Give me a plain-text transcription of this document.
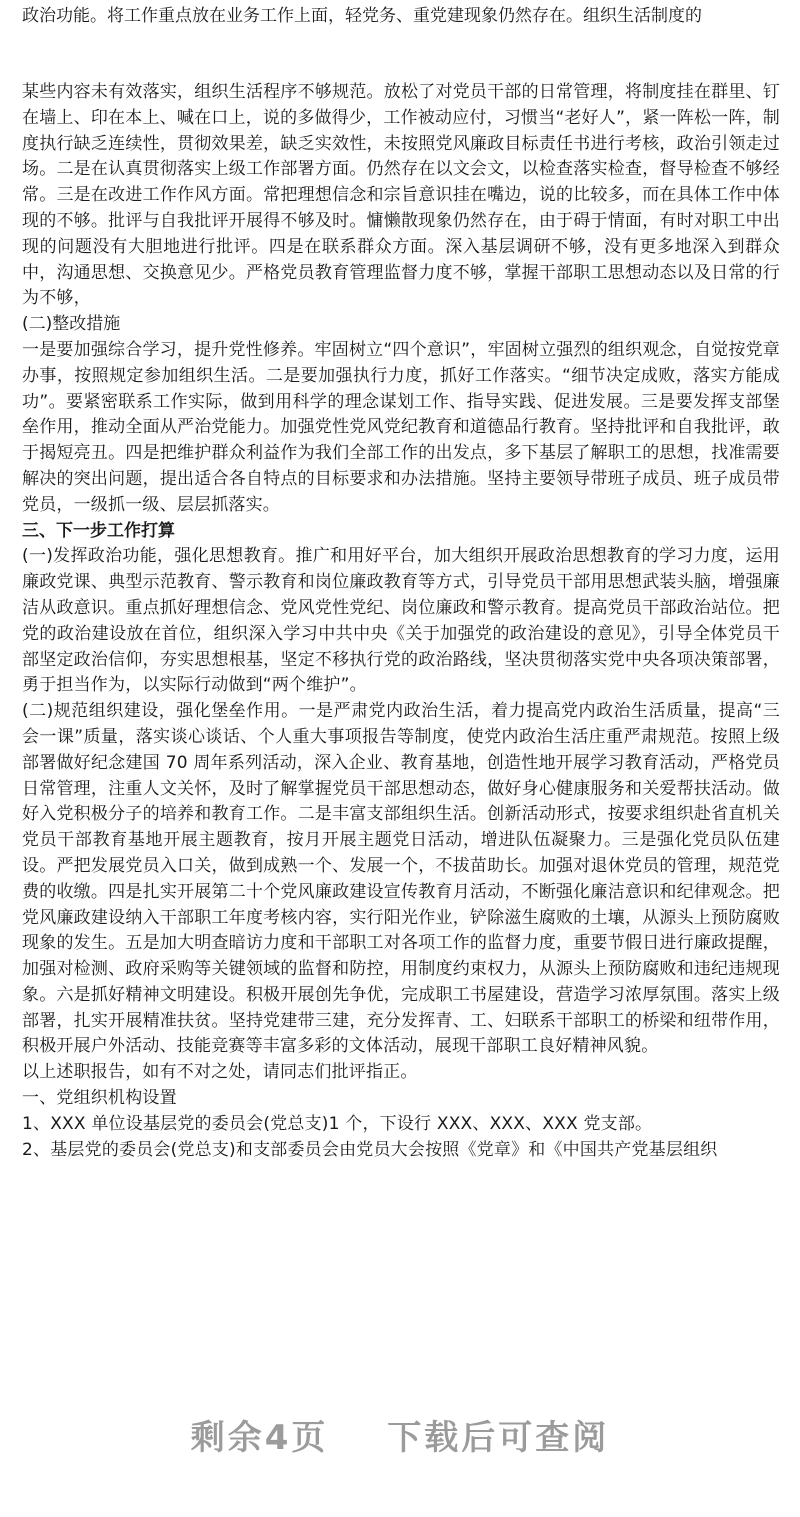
政治功能。将工作重点放在业务工作上面，轻党务、重党建现象仍然存在。组织生活制度的

某些内容未有效落实，组织生活程序不够规范。放松了对党员干部的日常管理，将制度挂在群里、钉在墙上、印在本上、喊在口上，说的多做得少，工作被动应付，习惯当“老好人”，紧一阵松一阵，制度执行缺乏连续性，贯彻效果差，缺乏实效性，未按照党风廉政目标责任书进行考核，政治引领走过场。二是在认真贯彻落实上级工作部署方面。仍然存在以文会文，以检查落实检查，督导检查不够经常。三是在改进工作作风方面。常把理想信念和宗旨意识挂在嘴边，说的比较多，而在具体工作中体现的不够。批评与自我批评开展得不够及时。慵懒散现象仍然存在，由于碍于情面，有时对职工中出现的问题没有大胆地进行批评。四是在联系群众方面。深入基层调研不够，没有更多地深入到群众中，沟通思想、交换意见少。严格党员教育管理监督力度不够，掌握干部职工思想动态以及日常的行为不够，

(二)整改措施

一是要加强综合学习，提升党性修养。牢固树立“四个意识”，牢固树立强烈的组织观念，自觉按党章办事，按照规定参加组织生活。二是要加强执行力度，抓好工作落实。“细节决定成败，落实方能成功”。要紧密联系工作实际，做到用科学的理念谋划工作、指导实践、促进发展。三是要发挥支部堡垒作用，推动全面从严治党能力。加强党性党风党纪教育和道德品行教育。坚持批评和自我批评，敢于揭短亮丑。四是把维护群众利益作为我们全部工作的出发点，多下基层了解职工的思想，找准需要解决的突出问题，提出适合各自特点的目标要求和办法措施。坚持主要领导带班子成员、班子成员带党员，一级抓一级、层层抓落实。

三、下一步工作打算

(一)发挥政治功能，强化思想教育。推广和用好平台，加大组织开展政治思想教育的学习力度，运用廉政党课、典型示范教育、警示教育和岗位廉政教育等方式，引导党员干部用思想武装头脑，增强廉洁从政意识。重点抓好理想信念、党风党性党纪、岗位廉政和警示教育。提高党员干部政治站位。把党的政治建设放在首位，组织深入学习中共中央《关于加强党的政治建设的意见》，引导全体党员干部坚定政治信仰，夯实思想根基，坚定不移执行党的政治路线，坚决贯彻落实党中央各项决策部署，勇于担当作为，以实际行动做到“两个维护”。

(二)规范组织建设，强化堡垒作用。一是严肃党内政治生活，着力提高党内政治生活质量，提高“三会一课”质量，落实谈心谈话、个人重大事项报告等制度，使党内政治生活庄重严肃规范。按照上级部署做好纪念建国 70 周年系列活动，深入企业、教育基地，创造性地开展学习教育活动，严格党员日常管理，注重人文关怀，及时了解掌握党员干部思想动态，做好身心健康服务和关爱帮扶活动。做好入党积极分子的培养和教育工作。二是丰富支部组织生活。创新活动形式，按要求组织赴省直机关党员干部教育基地开展主题教育，按月开展主题党日活动，增进队伍凝聚力。三是强化党员队伍建设。严把发展党员入口关，做到成熟一个、发展一个，不拔苗助长。加强对退休党员的管理，规范党费的收缴。四是扎实开展第二十个党风廉政建设宣传教育月活动，不断强化廉洁意识和纪律观念。把党风廉政建设纳入干部职工年度考核内容，实行阳光作业，铲除滋生腐败的土壤，从源头上预防腐败现象的发生。五是加大明查暗访力度和干部职工对各项工作的监督力度，重要节假日进行廉政提醒，加强对检测、政府采购等关键领域的监督和防控，用制度约束权力，从源头上预防腐败和违纪违规现象。六是抓好精神文明建设。积极开展创先争优，完成职工书屋建设，营造学习浓厚氛围。落实上级部署，扎实开展精准扶贫。坚持党建带三建，充分发挥青、工、妇联系干部职工的桥梁和纽带作用，积极开展户外活动、技能竞赛等丰富多彩的文体活动，展现干部职工良好精神风貌。

以上述职报告，如有不对之处，请同志们批评指正。

一、党组织机构设置

1、XXX 单位设基层党的委员会(党总支)1 个，下设行 XXX、XXX、XXX 党支部。

2、基层党的委员会(党总支)和支部委员会由党员大会按照《党章》和《中国共产党基层组织

剩余4页 下载后可查阅
